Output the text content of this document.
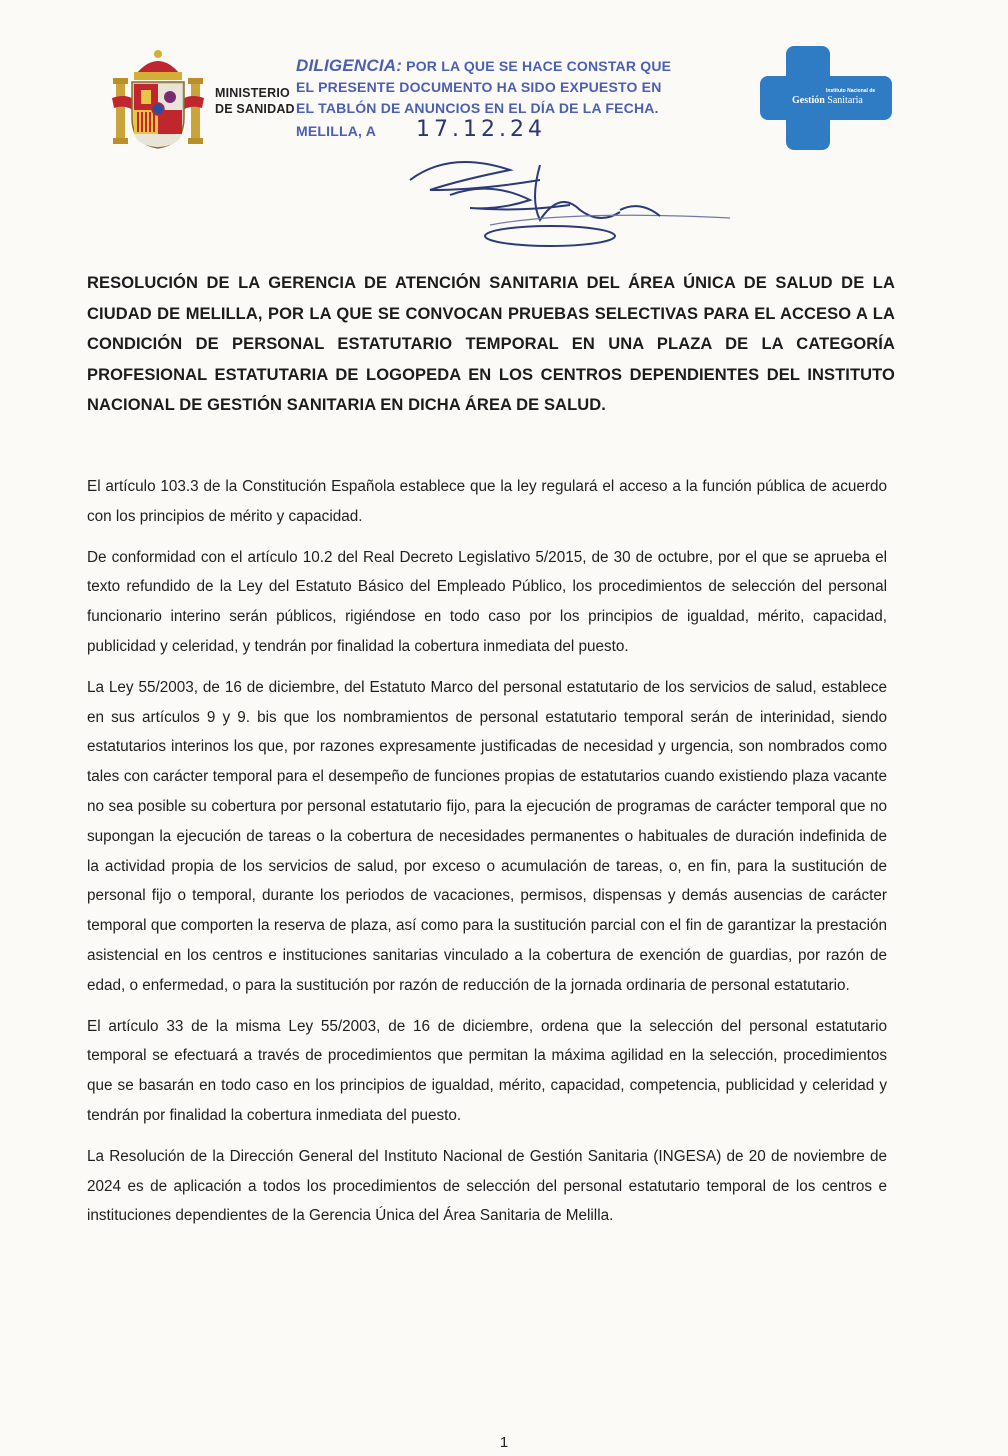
MINISTERIO
DE SANIDAD
DILIGENCIA: POR LA QUE SE HACE CONSTAR QUE
EL PRESENTE DOCUMENTO HA SIDO EXPUESTO EN
EL TABLÓN DE ANUNCIOS EN EL DÍA DE LA FECHA.
MELILLA, A 17.12.24
Instituto Nacional de
Gestión Sanitaria
RESOLUCIÓN DE LA GERENCIA DE ATENCIÓN SANITARIA DEL ÁREA ÚNICA DE SALUD DE LA CIUDAD DE MELILLA, POR LA QUE SE CONVOCAN PRUEBAS SELECTIVAS PARA EL ACCESO A LA CONDICIÓN DE PERSONAL ESTATUTARIO TEMPORAL EN UNA PLAZA DE LA CATEGORÍA PROFESIONAL ESTATUTARIA DE LOGOPEDA EN LOS CENTROS DEPENDIENTES DEL INSTITUTO NACIONAL DE GESTIÓN SANITARIA EN DICHA ÁREA DE SALUD.

El artículo 103.3 de la Constitución Española establece que la ley regulará el acceso a la función pública de acuerdo con los principios de mérito y capacidad.

De conformidad con el artículo 10.2 del Real Decreto Legislativo 5/2015, de 30 de octubre, por el que se aprueba el texto refundido de la Ley del Estatuto Básico del Empleado Público, los procedimientos de selección del personal funcionario interino serán públicos, rigiéndose en todo caso por los principios de igualdad, mérito, capacidad, publicidad y celeridad, y tendrán por finalidad la cobertura inmediata del puesto.

La Ley 55/2003, de 16 de diciembre, del Estatuto Marco del personal estatutario de los servicios de salud, establece en sus artículos 9 y 9. bis que los nombramientos de personal estatutario temporal serán de interinidad, siendo estatutarios interinos los que, por razones expresamente justificadas de necesidad y urgencia, son nombrados como tales con carácter temporal para el desempeño de funciones propias de estatutarios cuando existiendo plaza vacante no sea posible su cobertura por personal estatutario fijo, para la ejecución de programas de carácter temporal que no supongan la ejecución de tareas o la cobertura de necesidades permanentes o habituales de duración indefinida de la actividad propia de los servicios de salud, por exceso o acumulación de tareas, o, en fin, para la sustitución de personal fijo o temporal, durante los periodos de vacaciones, permisos, dispensas y demás ausencias de carácter temporal que comporten la reserva de plaza, así como para la sustitución parcial con el fin de garantizar la prestación asistencial en los centros e instituciones sanitarias vinculado a la cobertura de exención de guardias, por razón de edad, o enfermedad, o para la sustitución por razón de reducción de la jornada ordinaria de personal estatutario.

El artículo 33 de la misma Ley 55/2003, de 16 de diciembre, ordena que la selección del personal estatutario temporal se efectuará a través de procedimientos que permitan la máxima agilidad en la selección, procedimientos que se basarán en todo caso en los principios de igualdad, mérito, capacidad, competencia, publicidad y celeridad y tendrán por finalidad la cobertura inmediata del puesto.

La Resolución de la Dirección General del Instituto Nacional de Gestión Sanitaria (INGESA) de 20 de noviembre de 2024 es de aplicación a todos los procedimientos de selección del personal estatutario temporal de los centros e instituciones dependientes de la Gerencia Única del Área Sanitaria de Melilla.

1
